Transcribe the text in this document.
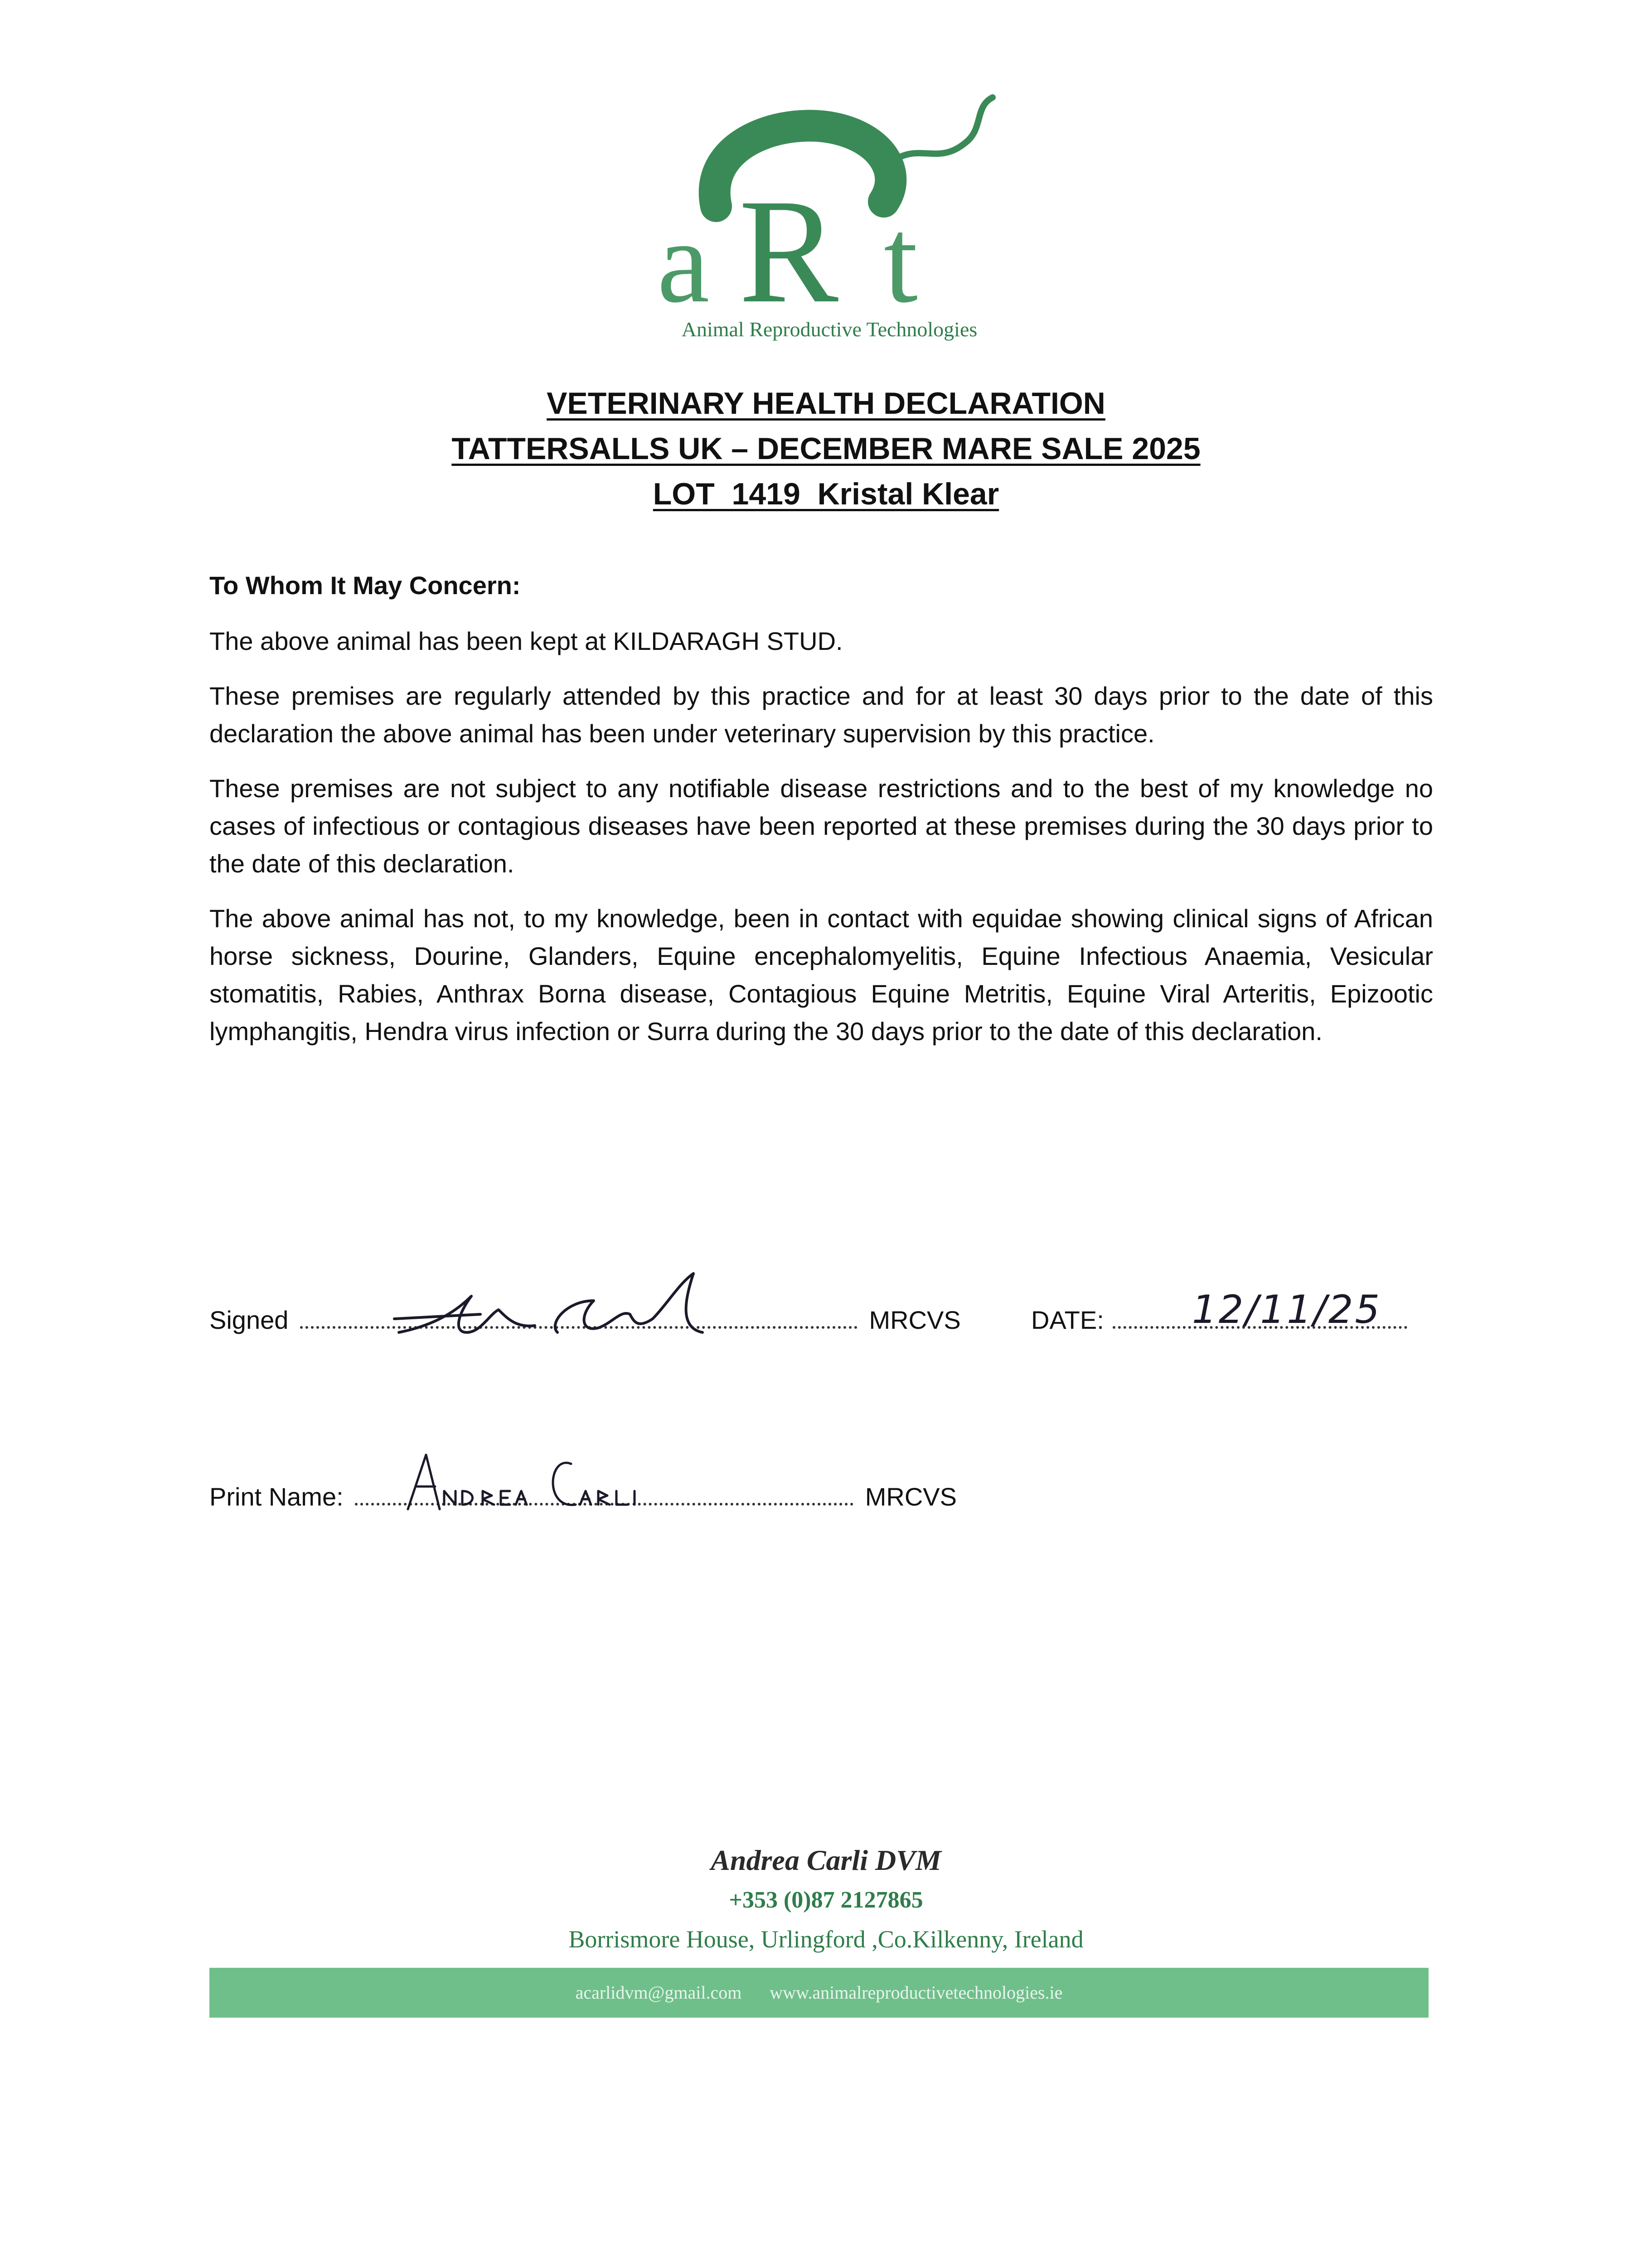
a R t
Animal Reproductive Technologies
VETERINARY HEALTH DECLARATION
TATTERSALLS UK – DECEMBER MARE SALE 2025
LOT  1419  Kristal Klear

To Whom It May Concern:

The above animal has been kept at KILDARAGH STUD.

These premises are regularly attended by this practice and for at least 30 days prior to the date of this declaration the above animal has been under veterinary supervision by this practice.

These premises are not subject to any notifiable disease restrictions and to the best of my knowledge no cases of infectious or contagious diseases have been reported at these premises during the 30 days prior to the date of this declaration.

The above animal has not, to my knowledge, been in contact with equidae showing clinical signs of African horse sickness, Dourine, Glanders, Equine encephalomyelitis, Equine Infectious Anaemia, Vesicular stomatitis, Rabies, Anthrax Borna disease, Contagious Equine Metritis, Equine Viral Arteritis, Epizootic lymphangitis, Hendra virus infection or Surra during the 30 days prior to the date of this declaration.

Signed	MRCVS	DATE:	12/11/25
Print Name:	MRCVS
Andrea Carli DVM
+353 (0)87 2127865
Borrismore House, Urlingford ,Co.Kilkenny, Ireland
acarlidvm@gmail.com www.animalreproductivetechnologies.ie
